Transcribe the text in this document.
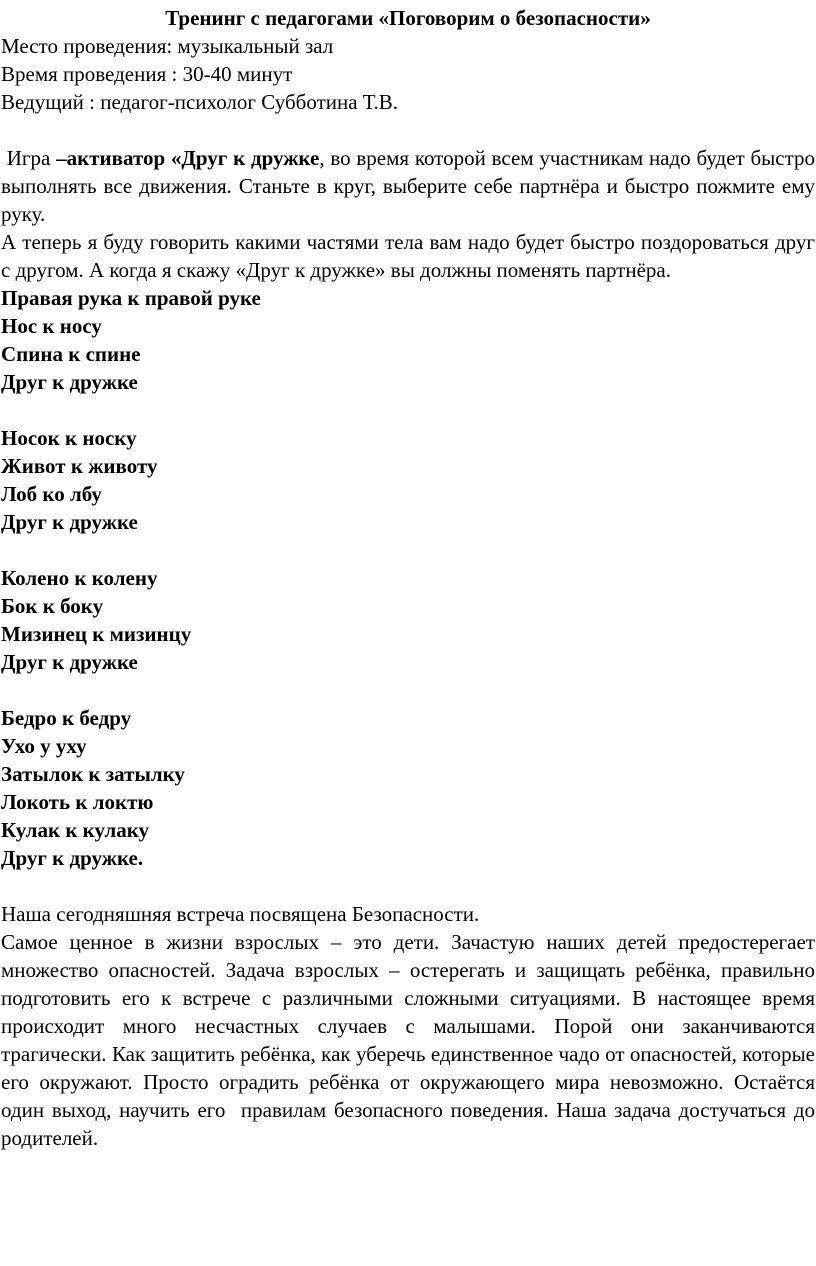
Тренинг с педагогами «Поговорим о безопасности»

Место проведения: музыкальный зал

Время проведения : 30-40 минут

Ведущий : педагог-психолог Субботина Т.В.

Игра –активатор «Друг к дружке, во время которой всем участникам надо будет быстро выполнять все движения. Станьте в круг, выберите себе партнёра и быстро пожмите ему руку.

А теперь я буду говорить какими частями тела вам надо будет быстро поздороваться друг с другом. А когда я скажу «Друг к дружке» вы должны поменять партнёра.

Правая рука к правой руке

Нос к носу

Спина к спине

Друг к дружке

Носок к носку

Живот к животу

Лоб ко лбу

Друг к дружке

Колено к колену

Бок к боку

Мизинец к мизинцу

Друг к дружке

Бедро к бедру

Ухо у уху

Затылок к затылку

Локоть к локтю

Кулак к кулаку

Друг к дружке.

Наша сегодняшняя встреча посвящена Безопасности.

Самое ценное в жизни взрослых – это дети. Зачастую наших детей предостерегает множество опасностей. Задача взрослых – остерегать и защищать ребёнка, правильно подготовить его к встрече с различными сложными ситуациями. В настоящее время происходит много несчастных случаев с малышами. Порой они заканчиваются трагически. Как защитить ребёнка, как уберечь единственное чадо от опасностей, которые его окружают. Просто оградить ребёнка от окружающего мира невозможно. Остаётся один выход, научить его  правилам безопасного поведения. Наша задача достучаться до родителей.
